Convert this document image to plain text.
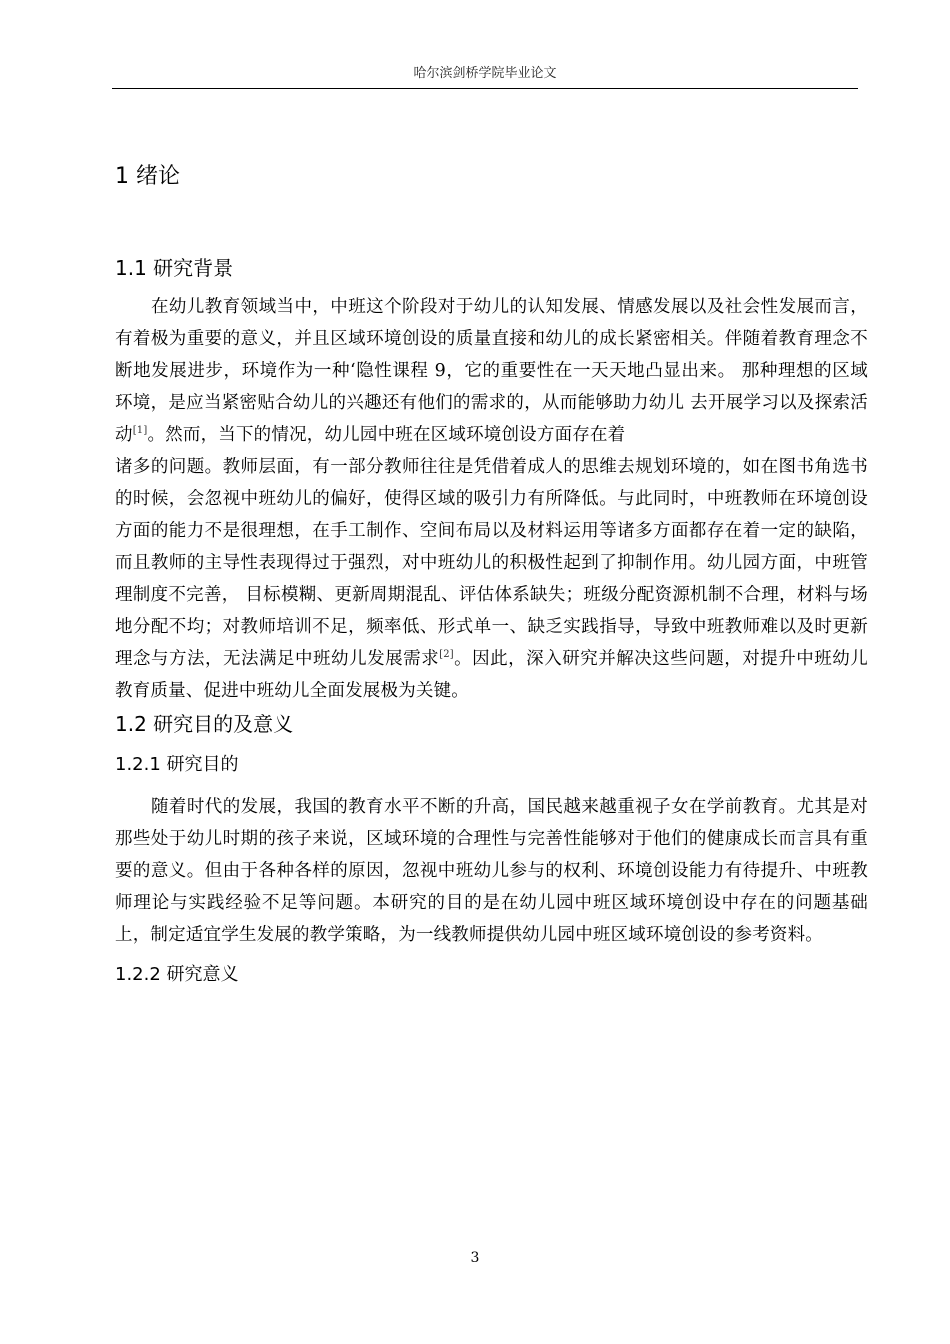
哈尔滨剑桥学院毕业论文
1 绪论
1.1 研究背景

在幼儿教育领域当中，中班这个阶段对于幼儿的认知发展、情感发展以及社会性发展而言，有着极为重要的意义，并且区域环境创设的质量直接和幼儿的成长紧密相关。伴随着教育理念不断地发展进步，环境作为一种‘隐性课程 9，它的重要性在一天天地凸显出来。 那种理想的区域环境，是应当紧密贴合幼儿的兴趣还有他们的需求的，从而能够助力幼儿 去开展学习以及探索活动[1]。然而，当下的情况，幼儿园中班在区域环境创设方面存在着

诸多的问题。教师层面，有一部分教师往往是凭借着成人的思维去规划环境的，如在图书角选书的时候，会忽视中班幼儿的偏好，使得区域的吸引力有所降低。与此同时，中班教师在环境创设方面的能力不是很理想，在手工制作、空间布局以及材料运用等诸多方面都存在着一定的缺陷，而且教师的主导性表现得过于强烈，对中班幼儿的积极性起到了抑制作用。幼儿园方面，中班管理制度不完善， 目标模糊、更新周期混乱、评估体系缺失；班级分配资源机制不合理，材料与场地分配不均；对教师培训不足，频率低、形式单一、缺乏实践指导，导致中班教师难以及时更新理念与方法，无法满足中班幼儿发展需求[2]。因此，深入研究并解决这些问题，对提升中班幼儿教育质量、促进中班幼儿全面发展极为关键。

1.2 研究目的及意义
1.2.1 研究目的

随着时代的发展，我国的教育水平不断的升高，国民越来越重视子女在学前教育。尤其是对那些处于幼儿时期的孩子来说，区域环境的合理性与完善性能够对于他们的健康成长而言具有重要的意义。但由于各种各样的原因，忽视中班幼儿参与的权利、环境创设能力有待提升、中班教师理论与实践经验不足等问题。本研究的目的是在幼儿园中班区域环境创设中存在的问题基础上，制定适宜学生发展的教学策略，为一线教师提供幼儿园中班区域环境创设的参考资料。

1.2.2 研究意义
3
